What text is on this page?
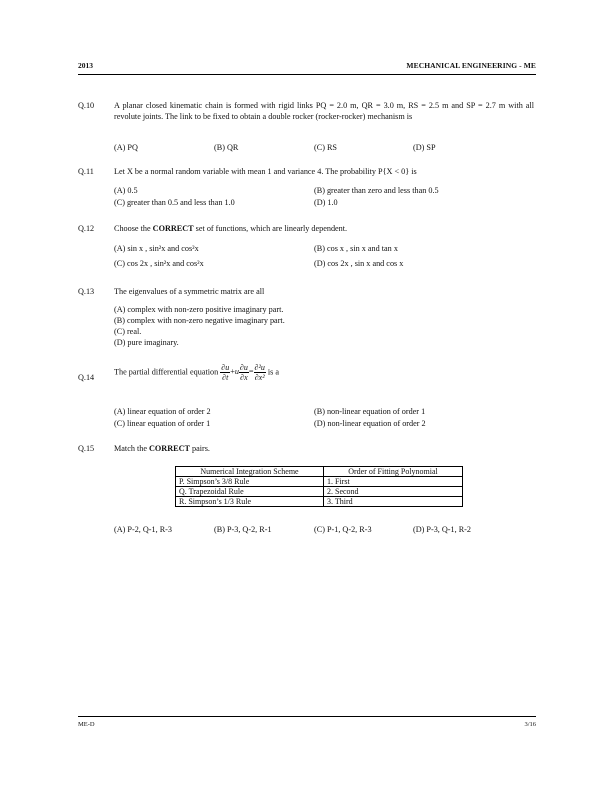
2013	MECHANICAL ENGINEERING - ME
Q.10 A planar closed kinematic chain is formed with rigid links PQ = 2.0 m, QR = 3.0 m, RS = 2.5 m and SP = 2.7 m with all revolute joints. The link to be fixed to obtain a double rocker (rocker-rocker) mechanism is
(A) PQ	(B) QR	(C) RS	(D) SP
Q.11 Let X be a normal random variable with mean 1 and variance 4. The probability P{X < 0} is
(A) 0.5	(B) greater than zero and less than 0.5
(C) greater than 0.5 and less than 1.0	(D) 1.0
Q.12 Choose the CORRECT set of functions, which are linearly dependent.
(A) sin x , sin²x and cos²x	(B) cos x , sin x and tan x
(C) cos 2x , sin²x and cos²x	(D) cos 2x , sin x and cos x
Q.13 The eigenvalues of a symmetric matrix are all
(A) complex with non-zero positive imaginary part.
(B) complex with non-zero negative imaginary part.
(C) real.
(D) pure imaginary.
Q.14
The partial differential equation $\frac{\partial u}{\partial t} +u \frac{\partial u}{\partial x} = \frac{\text{∂²u}}{\text{∂x²}}$ is a
(A) linear equation of order 2	(B) non-linear equation of order 1
(C) linear equation of order 1	(D) non-linear equation of order 2
Q.15 Match the CORRECT pairs.
Numerical Integration Scheme	Order of Fitting Polynomial
P. Simpson’s 3/8 Rule	1. First
Q. Trapezoidal Rule	2. Second
R. Simpson’s 1/3 Rule	3. Third
(A) P-2, Q-1, R-3	(B) P-3, Q-2, R-1	(C) P-1, Q-2, R-3	(D) P-3, Q-1, R-2
ME-D	3/16
